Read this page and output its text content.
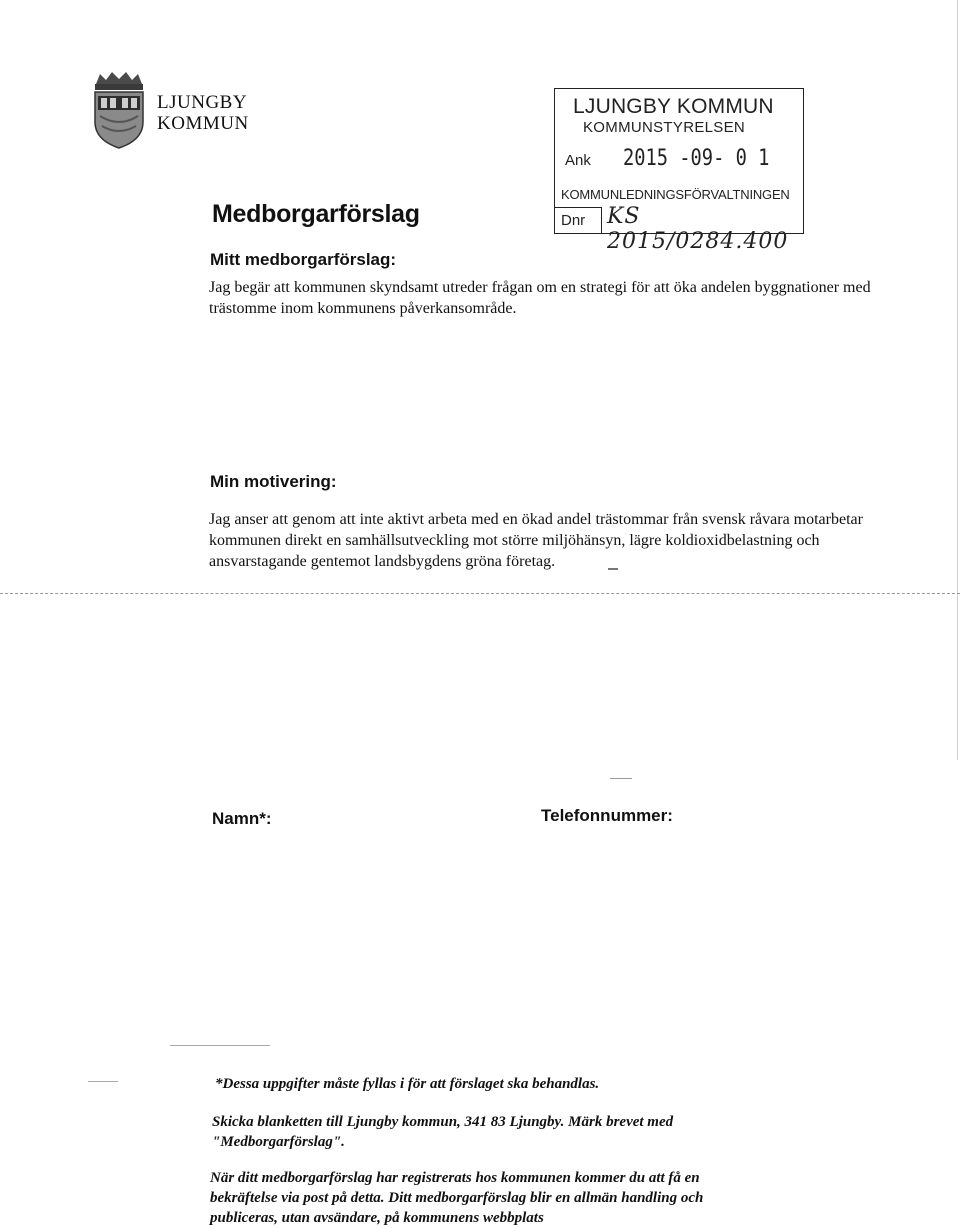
LJUNGBY
KOMMUN
LJUNGBY KOMMUN
KOMMUNSTYRELSEN
Ank 2015 -09- 0 1
KOMMUNLEDNINGSFÖRVALTNINGEN
Dnr KS 2015/0284.400
Medborgarförslag
Mitt medborgarförslag:
Jag begär att kommunen skyndsamt utreder frågan om en strategi för att öka andelen byggnationer med trästomme inom kommunens påverkansområde.
Min motivering:
Jag anser att genom att inte aktivt arbeta med en ökad andel trästommar från svensk råvara motarbetar kommunen direkt en samhällsutveckling mot större miljöhänsyn, lägre koldioxidbelastning och ansvarstagande gentemot landsbygdens gröna företag.
Namn*:	Telefonnummer:
*Dessa uppgifter måste fyllas i för att förslaget ska behandlas.
Skicka blanketten till Ljungby kommun, 341 83 Ljungby. Märk brevet med "Medborgarförslag".
När ditt medborgarförslag har registrerats hos kommunen kommer du att få en bekräftelse via post på detta. Ditt medborgarförslag blir en allmän handling och publiceras, utan avsändare, på kommunens webbplats
